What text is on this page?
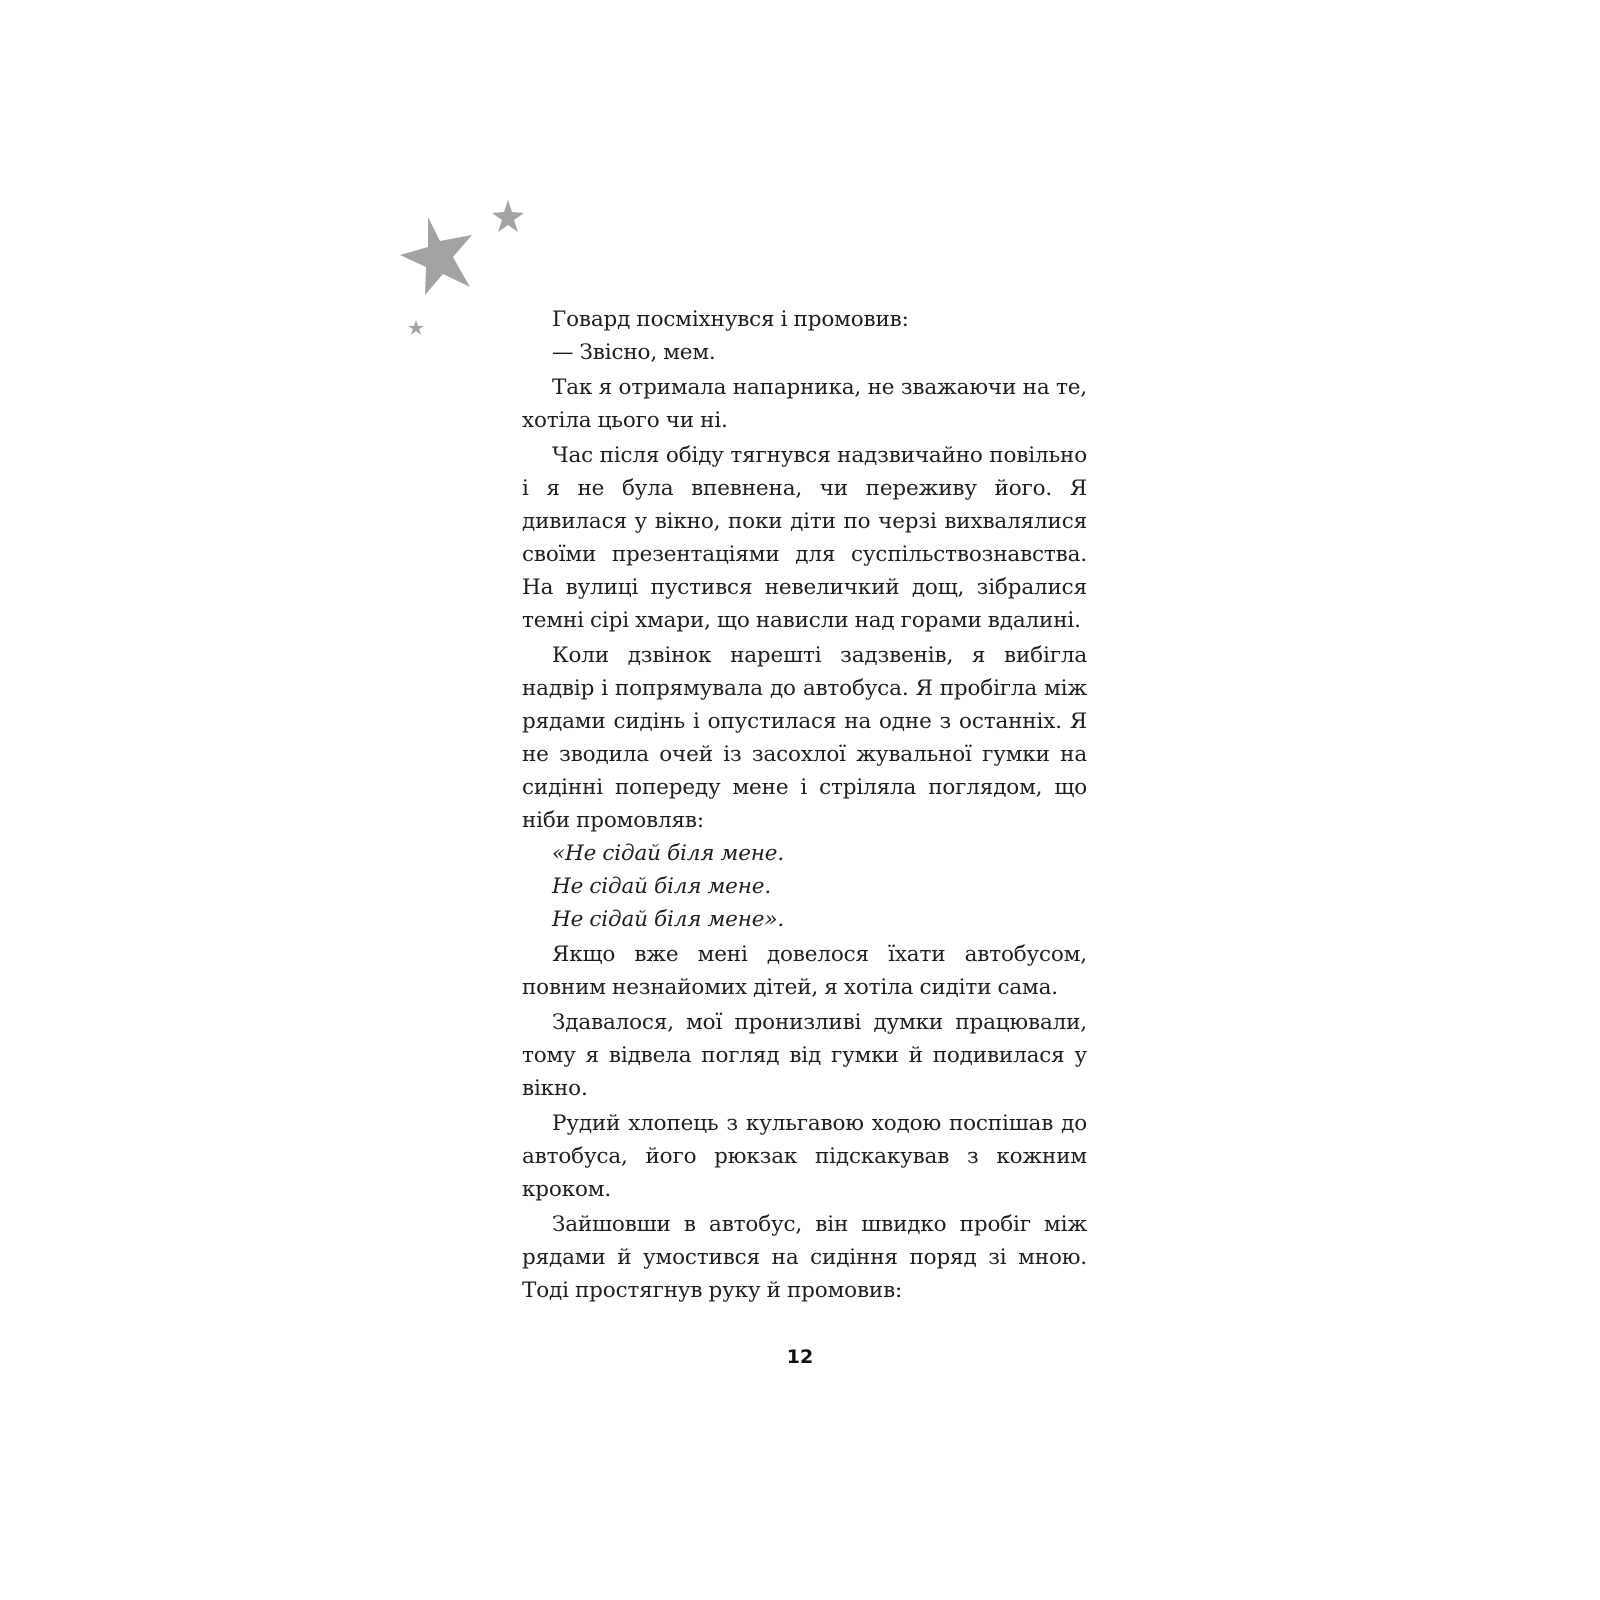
Говард посміхнувся і промовив:

— Звісно, мем.

Так я отримала напарника, не зважаючи на те, хотіла цього чи ні.

Час після обіду тягнувся надзвичайно повільно і я не була впевнена, чи переживу його. Я дивилася у вікно, поки діти по черзі вихвалялися своїми презентаціями для суспільствознавства. На вулиці пустився невеличкий дощ, зібралися темні сірі хмари, що нависли над горами вдалині.

Коли дзвінок нарешті задзвенів, я вибігла надвір і попрямувала до автобуса. Я пробігла між рядами сидінь і опустилася на одне з останніх. Я не зводила очей із засохлої жувальної гумки на сидінні попереду мене і стріляла поглядом, що ніби промовляв:

«Не сідай біля мене.

Не сідай біля мене.

Не сідай біля мене».

Якщо вже мені довелося їхати автобусом, повним незнайомих дітей, я хотіла сидіти сама.

Здавалося, мої пронизливі думки працювали, тому я відвела погляд від гумки й подивилася у вікно.

Рудий хлопець з кульгавою ходою поспішав до автобуса, його рюкзак підскакував з кожним кроком.

Зайшовши в автобус, він швидко пробіг між рядами й умостився на сидіння поряд зі мною. Тоді простягнув руку й промовив:

12
